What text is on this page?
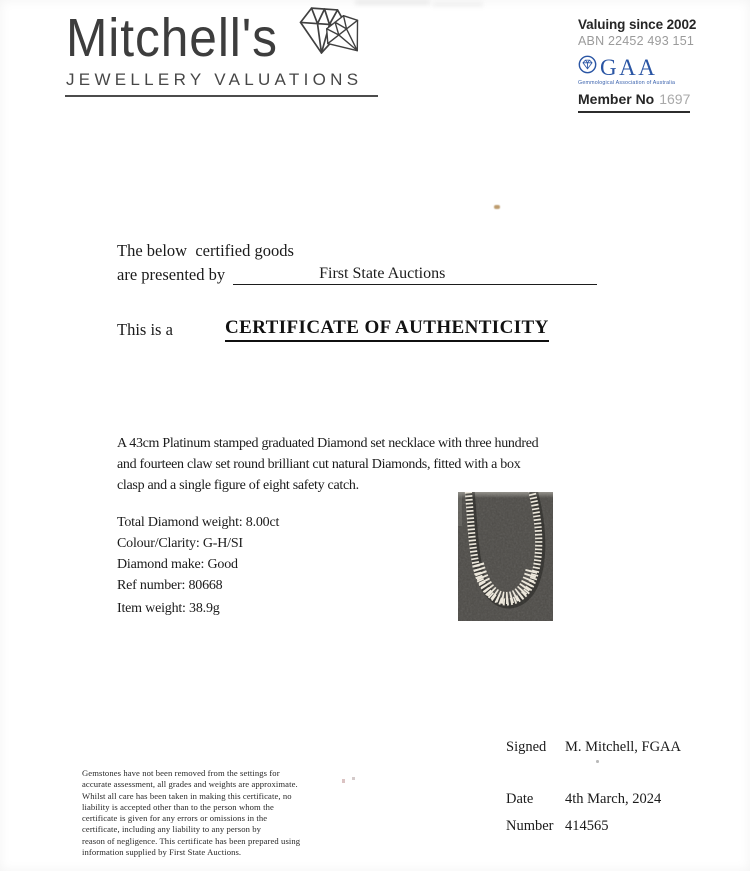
Mitchell's
JEWELLERY VALUATIONS
Valuing since 2002
ABN 22452 493 151
GAA
Gemmological Association of Australia
Member No 1697
The below  certified goods
are presented by	First State Auctions
This is a	CERTIFICATE OF AUTHENTICITY
A 43cm Platinum stamped graduated Diamond set necklace with three hundred
and fourteen claw set round brilliant cut natural Diamonds, fitted with a box
clasp and a single figure of eight safety catch.
Total Diamond weight: 8.00ct
Colour/Clarity: G-H/SI
Diamond make: Good
Ref number: 80668
Item weight: 38.9g
Signed	M. Mitchell, FGAA
Date	4th March, 2024
Number 414565
Gemstones have not been removed from the settings for
accurate assessment, all grades and weights are approximate.
Whilst all care has been taken in making this certificate, no
liability is accepted other than to the person whom the
certificate is given for any errors or omissions in the
certificate, including any liability to any person by
reason of negligence. This certificate has been prepared using
information supplied by First State Auctions.
